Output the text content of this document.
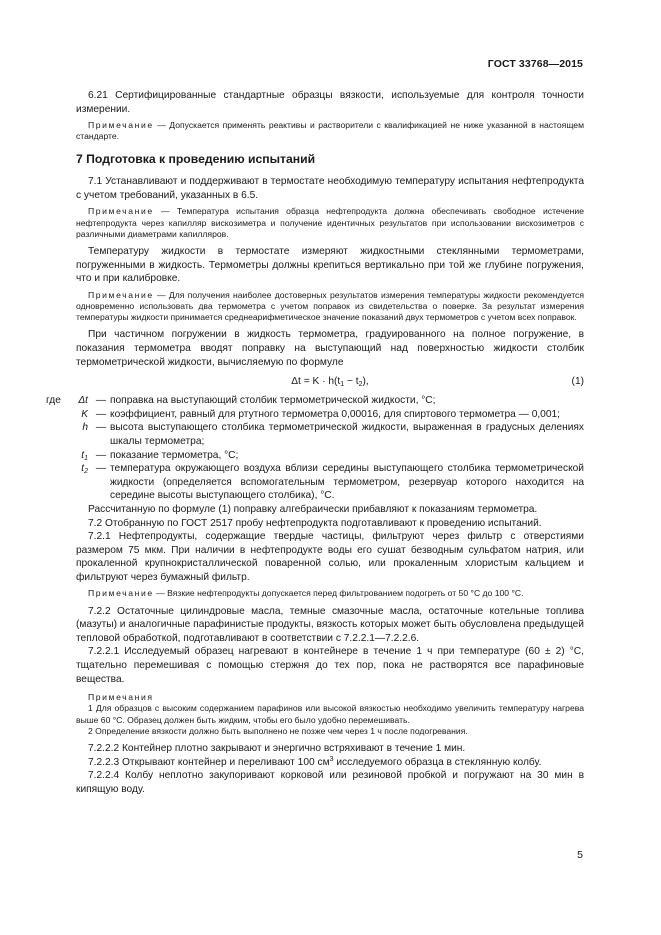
ГОСТ 33768—2015

6.21 Сертифицированные стандартные образцы вязкости, используемые для контроля точности измерении.

Примечание — Допускается применять реактивы и растворители с квалификацией не ниже указанной в настоящем стандарте.

7 Подготовка к проведению испытаний

7.1 Устанавливают и поддерживают в термостате необходимую температуру испытания нефтепродукта с учетом требований, указанных в 6.5.

Примечание — Температура испытания образца нефтепродукта должна обеспечивать свободное истечение нефтепродукта через капилляр вискозиметра и получение идентичных результатов при использовании вискозиметров с различными диаметрами капилляров.

Температуру жидкости в термостате измеряют жидкостными стеклянными термометрами, погруженными в жидкость. Термометры должны крепиться вертикально при той же глубине погружения, что и при калибровке.

Примечание — Для получения наиболее достоверных результатов измерения температуры жидкости рекомендуется одновременно использовать два термометра с учетом поправок из свидетельства о поверке. За результат измерения температуры жидкости принимается среднеарифметическое значение показаний двух термометров с учетом всех поправок.

При частичном погружении в жидкость термометра, градуированного на полное погружение, в показания термометра вводят поправку на выступающий над поверхностью жидкости столбик термометрической жидкости, вычисляемую по формуле

$\Delta t = K \cdot h(t_1 - t_2)$,	(1)
где	Δt	—	поправка на выступающий столбик термометрической жидкости, °С;
	K	—	коэффициент, равный для ртутного термометра 0,00016, для спиртового термометра — 0,001;
	h	—	высота выступающего столбика термометрической жидкости, выраженная в градусных делениях шкалы термометра;
	$t_1$	—	показание термометра, °С;
	$t_2$	—	температура окружающего воздуха вблизи середины выступающего столбика термометрической жидкости (определяется вспомогательным термометром, резервуар которого находится на середине высоты выступающего столбика), °С.

Рассчитанную по формуле (1) поправку алгебраически прибавляют к показаниям термометра.

7.2 Отобранную по ГОСТ 2517 пробу нефтепродукта подготавливают к проведению испытаний.

7.2.1 Нефтепродукты, содержащие твердые частицы, фильтруют через фильтр с отверстиями размером 75 мкм. При наличии в нефтепродукте воды его сушат безводным сульфатом натрия, или прокаленной крупнокристаллической поваренной солью, или прокаленным хлористым кальцием и фильтруют через бумажный фильтр.

Примечание — Вязкие нефтепродукты допускается перед фильтрованием подогреть от 50 °С до 100 °С.

7.2.2 Остаточные цилиндровые масла, темные смазочные масла, остаточные котельные топлива (мазуты) и аналогичные парафинистые продукты, вязкость которых может быть обусловлена предыдущей тепловой обработкой, подготавливают в соответствии с 7.2.2.1—7.2.2.6.

7.2.2.1 Исследуемый образец нагревают в контейнере в течение 1 ч при температуре (60 ± 2) °С, тщательно перемешивая с помощью стержня до тех пор, пока не растворятся все парафиновые вещества.

Примечания
1 Для образцов с высоким содержанием парафинов или высокой вязкостью необходимо увеличить температуру нагрева выше 60 °С. Образец должен быть жидким, чтобы его было удобно перемешивать.
2 Определение вязкости должно быть выполнено не позже чем через 1 ч после подогревания.

7.2.2.2 Контейнер плотно закрывают и энергично встряхивают в течение 1 мин.

7.2.2.3 Открывают контейнер и переливают 100 $см^3$ исследуемого образца в стеклянную колбу.

7.2.2.4 Колбу неплотно закупоривают корковой или резиновой пробкой и погружают на 30 мин в кипящую воду.

5
